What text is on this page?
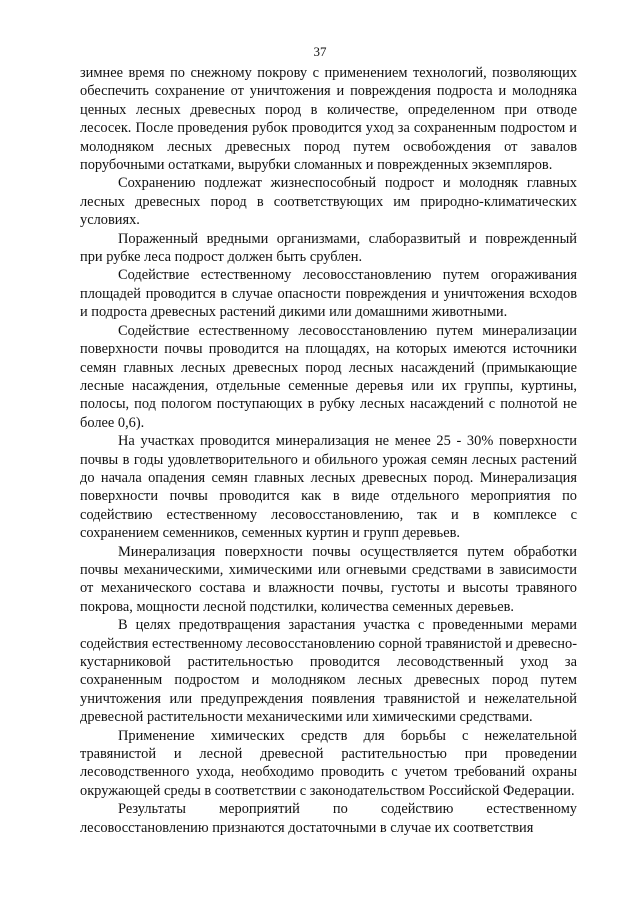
37

зимнее время по снежному покрову с применением технологий, позволяющих обеспечить сохранение от уничтожения и повреждения подроста и молодняка ценных лесных древесных пород в количестве, определенном при отводе лесосек. После проведения рубок проводится уход за сохраненным подростом и молодняком лесных древесных пород путем освобождения от завалов порубочными остатками, вырубки сломанных и поврежденных экземпляров.

Сохранению подлежат жизнеспособный подрост и молодняк главных лесных древесных пород в соответствующих им природно-климатических условиях.

Пораженный вредными организмами, слаборазвитый и поврежденный при рубке леса подрост должен быть срублен.

Содействие естественному лесовосстановлению путем огораживания площадей проводится в случае опасности повреждения и уничтожения всходов и подроста древесных растений дикими или домашними животными.

Содействие естественному лесовосстановлению путем минерализации поверхности почвы проводится на площадях, на которых имеются источники семян главных лесных древесных пород лесных насаждений (примыкающие лесные насаждения, отдельные семенные деревья или их группы, куртины, полосы, под пологом поступающих в рубку лесных насаждений с полнотой не более 0,6).

На участках проводится минерализация не менее 25 - 30% поверхности почвы в годы удовлетворительного и обильного урожая семян лесных растений до начала опадения семян главных лесных древесных пород. Минерализация поверхности почвы проводится как в виде отдельного мероприятия по содействию естественному лесовосстановлению, так и в комплексе с сохранением семенников, семенных куртин и групп деревьев.

Минерализация поверхности почвы осуществляется путем обработки почвы механическими, химическими или огневыми средствами в зависимости от механического состава и влажности почвы, густоты и высоты травяного покрова, мощности лесной подстилки, количества семенных деревьев.

В целях предотвращения зарастания участка с проведенными мерами содействия естественному лесовосстановлению сорной травянистой и древесно-кустарниковой растительностью проводится лесоводственный уход за сохраненным подростом и молодняком лесных древесных пород путем уничтожения или предупреждения появления травянистой и нежелательной древесной растительности механическими или химическими средствами.

Применение химических средств для борьбы с нежелательной травянистой и лесной древесной растительностью при проведении лесоводственного ухода, необходимо проводить с учетом требований охраны окружающей среды в соответствии с законодательством Российской Федерации.

Результаты мероприятий по содействию естественному лесовосстановлению признаются достаточными в случае их соответствия
